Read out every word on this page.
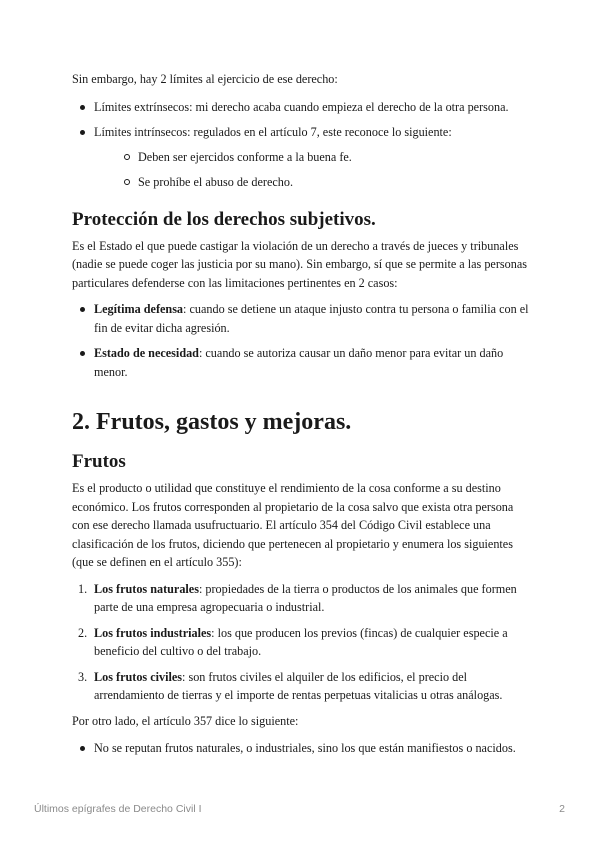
Sin embargo, hay 2 límites al ejercicio de ese derecho:

Límites extrínsecos: mi derecho acaba cuando empieza el derecho de la otra persona.
Límites intrínsecos: regulados en el artículo 7, este reconoce lo siguiente:
Deben ser ejercidos conforme a la buena fe.
Se prohíbe el abuso de derecho.
Protección de los derechos subjetivos.

Es el Estado el que puede castigar la violación de un derecho a través de jueces y tribunales (nadie se puede coger las justicia por su mano). Sin embargo, sí que se permite a las personas particulares defenderse con las limitaciones pertinentes en 2 casos:

Legítima defensa: cuando se detiene un ataque injusto contra tu persona o familia con el fin de evitar dicha agresión.
Estado de necesidad: cuando se autoriza causar un daño menor para evitar un daño menor.
2. Frutos, gastos y mejoras.
Frutos

Es el producto o utilidad que constituye el rendimiento de la cosa conforme a su destino económico. Los frutos corresponden al propietario de la cosa salvo que exista otra persona con ese derecho llamada usufructuario. El artículo 354 del Código Civil establece una clasificación de los frutos, diciendo que pertenecen al propietario y enumera los siguientes (que se definen en el artículo 355):

1. Los frutos naturales: propiedades de la tierra o productos de los animales que formen parte de una empresa agropecuaria o industrial.
2. Los frutos industriales: los que producen los previos (fincas) de cualquier especie a beneficio del cultivo o del trabajo.
3. Los frutos civiles: son frutos civiles el alquiler de los edificios, el precio del arrendamiento de tierras y el importe de rentas perpetuas vitalicias u otras análogas.

Por otro lado, el artículo 357 dice lo siguiente:

No se reputan frutos naturales, o industriales, sino los que están manifiestos o nacidos.
Últimos epígrafes de Derecho Civil I	2
